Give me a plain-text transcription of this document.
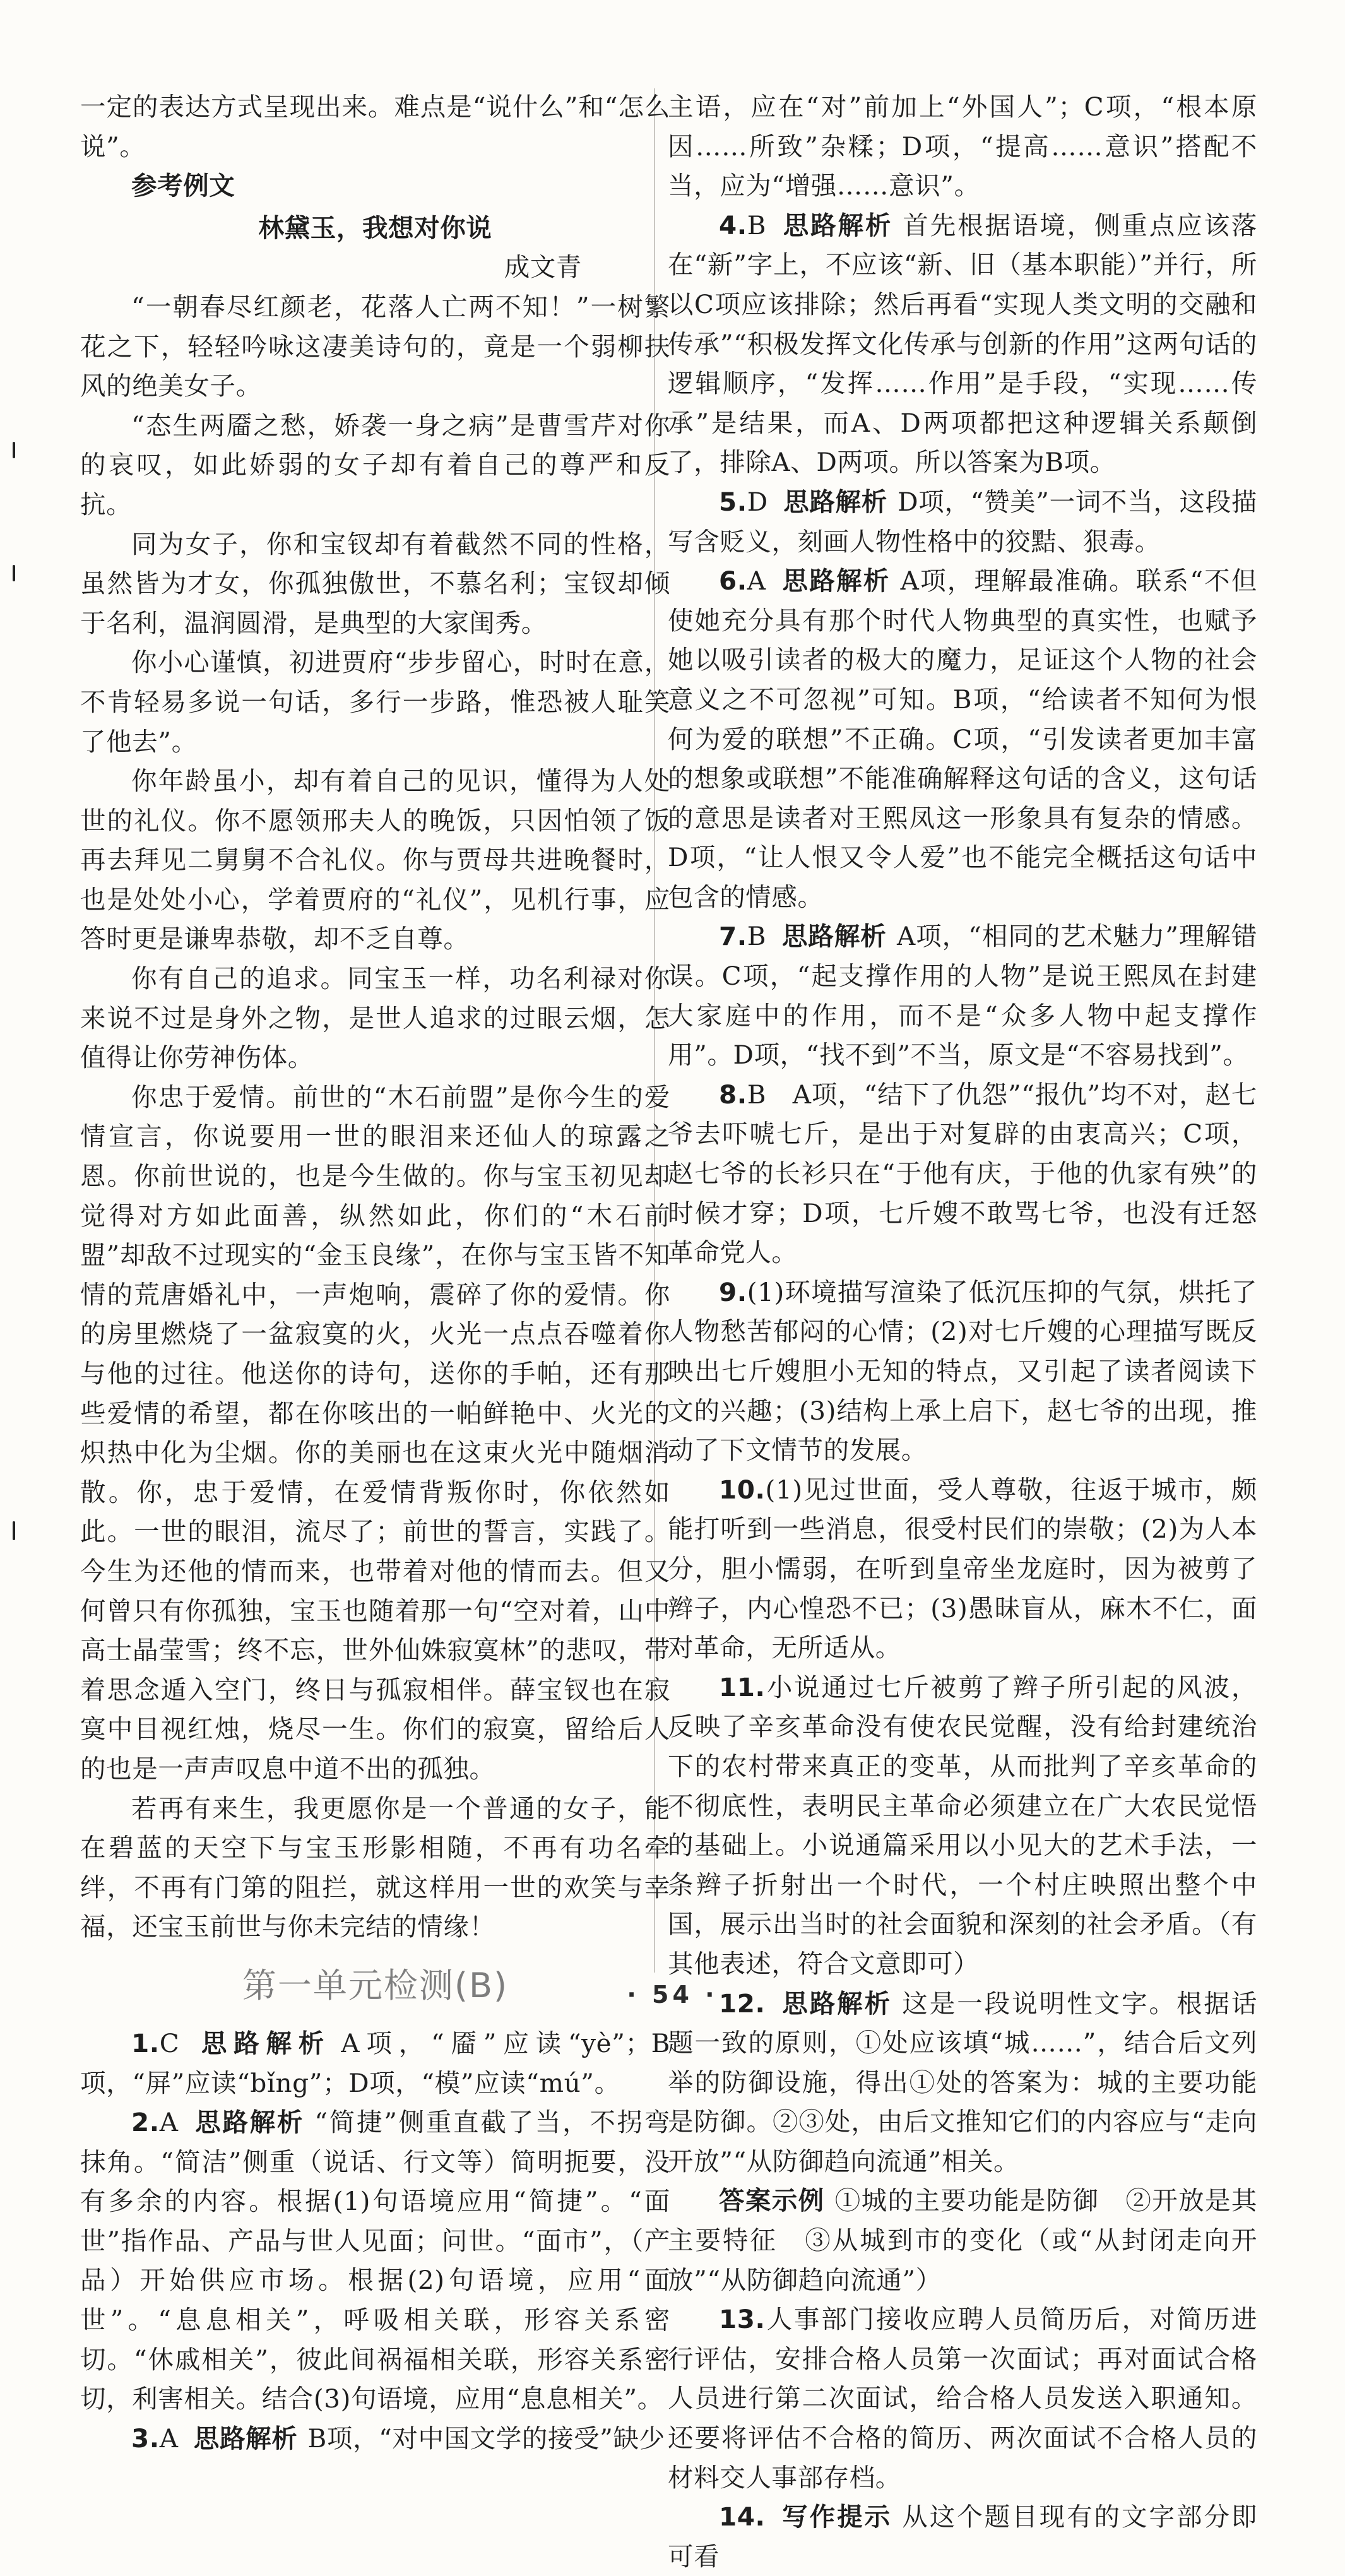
一定的表达方式呈现出来。难点是“说什么”和“怎么说”。

参考例文

林黛玉，我想对你说

成文青

“一朝春尽红颜老，花落人亡两不知！”一树繁花之下，轻轻吟咏这凄美诗句的，竟是一个弱柳扶风的绝美女子。

“态生两靥之愁，娇袭一身之病”是曹雪芹对你的哀叹，如此娇弱的女子却有着自己的尊严和反抗。

同为女子，你和宝钗却有着截然不同的性格，虽然皆为才女，你孤独傲世，不慕名利；宝钗却倾于名利，温润圆滑，是典型的大家闺秀。

你小心谨慎，初进贾府“步步留心，时时在意，不肯轻易多说一句话，多行一步路，惟恐被人耻笑了他去”。

你年龄虽小，却有着自己的见识，懂得为人处世的礼仪。你不愿领邢夫人的晚饭，只因怕领了饭再去拜见二舅舅不合礼仪。你与贾母共进晚餐时，也是处处小心，学着贾府的“礼仪”，见机行事，应答时更是谦卑恭敬，却不乏自尊。

你有自己的追求。同宝玉一样，功名利禄对你来说不过是身外之物，是世人追求的过眼云烟，怎值得让你劳神伤体。

你忠于爱情。前世的“木石前盟”是你今生的爱情宣言，你说要用一世的眼泪来还仙人的琼露之恩。你前世说的，也是今生做的。你与宝玉初见却觉得对方如此面善，纵然如此，你们的“木石前盟”却敌不过现实的“金玉良缘”，在你与宝玉皆不知情的荒唐婚礼中，一声炮响，震碎了你的爱情。你的房里燃烧了一盆寂寞的火，火光一点点吞噬着你与他的过往。他送你的诗句，送你的手帕，还有那些爱情的希望，都在你咳出的一帕鲜艳中、火光的炽热中化为尘烟。你的美丽也在这束火光中随烟消散。你，忠于爱情，在爱情背叛你时，你依然如此。一世的眼泪，流尽了；前世的誓言，实践了。今生为还他的情而来，也带着对他的情而去。但又何曾只有你孤独，宝玉也随着那一句“空对着，山中高士晶莹雪；终不忘，世外仙姝寂寞林”的悲叹，带着思念遁入空门，终日与孤寂相伴。薛宝钗也在寂寞中目视红烛，烧尽一生。你们的寂寞，留给后人的也是一声声叹息中道不出的孤独。

若再有来生，我更愿你是一个普通的女子，能在碧蓝的天空下与宝玉形影相随，不再有功名牵绊，不再有门第的阻拦，就这样用一世的欢笑与幸福，还宝玉前世与你未完结的情缘！

第一单元检测(B)

1.C 思路解析 A项，“靥”应读“yè”；B项，“屏”应读“bǐng”；D项，“模”应读“mú”。

2.A 思路解析 “简捷”侧重直截了当，不拐弯抹角。“简洁”侧重（说话、行文等）简明扼要，没有多余的内容。根据(1)句语境应用“简捷”。“面世”指作品、产品与世人见面；问世。“面市”，（产品）开始供应市场。根据(2)句语境，应用“面世”。“息息相关”，呼吸相关联，形容关系密切。“休戚相关”，彼此间祸福相关联，形容关系密切，利害相关。结合(3)句语境，应用“息息相关”。

3.A 思路解析 B项，“对中国文学的接受”缺少

主语，应在“对”前加上“外国人”；C项，“根本原因……所致”杂糅；D项，“提高……意识”搭配不当，应为“增强……意识”。

4.B 思路解析 首先根据语境，侧重点应该落在“新”字上，不应该“新、旧（基本职能）”并行，所以C项应该排除；然后再看“实现人类文明的交融和传承”“积极发挥文化传承与创新的作用”这两句话的逻辑顺序，“发挥……作用”是手段，“实现……传承”是结果，而A、D两项都把这种逻辑关系颠倒了，排除A、D两项。所以答案为B项。

5.D 思路解析 D项，“赞美”一词不当，这段描写含贬义，刻画人物性格中的狡黠、狠毒。

6.A 思路解析 A项，理解最准确。联系“不但使她充分具有那个时代人物典型的真实性，也赋予她以吸引读者的极大的魔力，足证这个人物的社会意义之不可忽视”可知。B项，“给读者不知何为恨何为爱的联想”不正确。C项，“引发读者更加丰富的想象或联想”不能准确解释这句话的含义，这句话的意思是读者对王熙凤这一形象具有复杂的情感。D项，“让人恨又令人爱”也不能完全概括这句话中包含的情感。

7.B 思路解析 A项，“相同的艺术魅力”理解错误。C项，“起支撑作用的人物”是说王熙凤在封建大家庭中的作用，而不是“众多人物中起支撑作用”。D项，“找不到”不当，原文是“不容易找到”。

8.B　 A项，“结下了仇怨”“报仇”均不对，赵七爷去吓唬七斤，是出于对复辟的由衷高兴；C项，赵七爷的长衫只在“于他有庆，于他的仇家有殃”的时候才穿；D项，七斤嫂不敢骂七爷，也没有迁怒革命党人。

9.(1)环境描写渲染了低沉压抑的气氛，烘托了人物愁苦郁闷的心情；(2)对七斤嫂的心理描写既反映出七斤嫂胆小无知的特点，又引起了读者阅读下文的兴趣；(3)结构上承上启下，赵七爷的出现，推动了下文情节的发展。

10.(1)见过世面，受人尊敬，往返于城市，颇能打听到一些消息，很受村民们的崇敬；(2)为人本分，胆小懦弱，在听到皇帝坐龙庭时，因为被剪了辫子，内心惶恐不已；(3)愚昧盲从，麻木不仁，面对革命，无所适从。

11.小说通过七斤被剪了辫子所引起的风波，反映了辛亥革命没有使农民觉醒，没有给封建统治下的农村带来真正的变革，从而批判了辛亥革命的不彻底性，表明民主革命必须建立在广大农民觉悟的基础上。小说通篇采用以小见大的艺术手法，一条辫子折射出一个时代，一个村庄映照出整个中国，展示出当时的社会面貌和深刻的社会矛盾。（有其他表述，符合文意即可）

12. 思路解析 这是一段说明性文字。根据话题一致的原则，①处应该填“城……”，结合后文列举的防御设施，得出①处的答案为：城的主要功能是防御。②③处，由后文推知它们的内容应与“走向开放”“从防御趋向流通”相关。

答案示例 ①城的主要功能是防御　②开放是其主要特征　③从城到市的变化（或“从封闭走向开放”“从防御趋向流通”）

13.人事部门接收应聘人员简历后，对简历进行评估，安排合格人员第一次面试；再对面试合格人员进行第二次面试，给合格人员发送入职通知。还要将评估不合格的简历、两次面试不合格人员的材料交人事部存档。

14. 写作提示 从这个题目现有的文字部分即可看

· 54 ·
